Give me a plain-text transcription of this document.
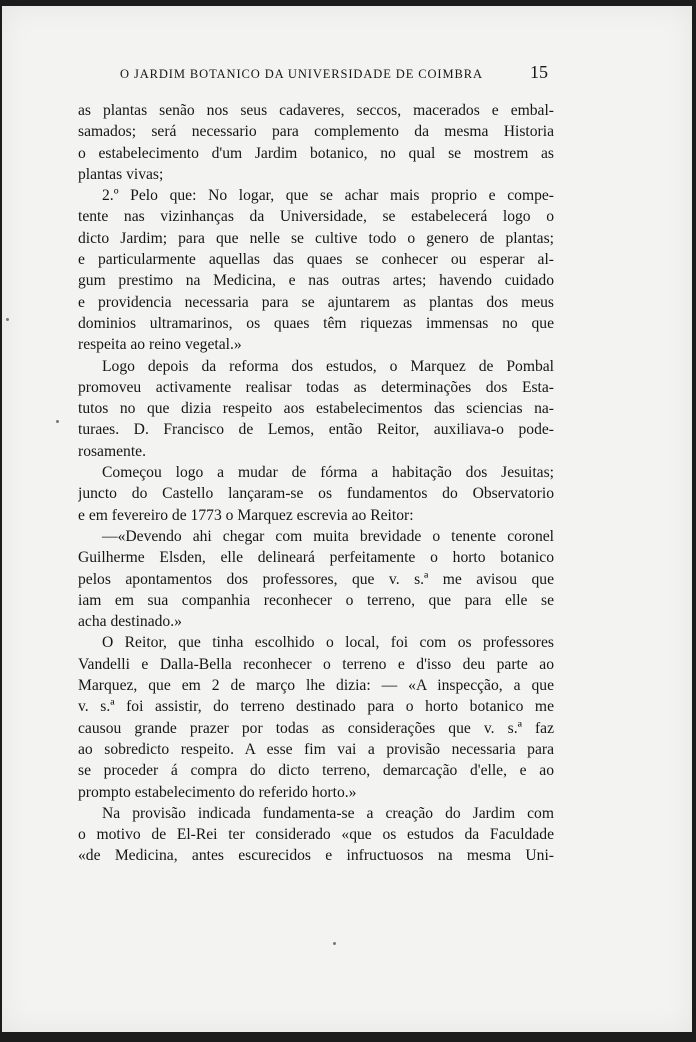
O JARDIM BOTANICO DA UNIVERSIDADE DE COIMBRA	15
as plantas senão nos seus cadaveres, seccos, macerados e embal-
samados; será necessario para complemento da mesma Historia
o estabelecimento d'um Jardim botanico, no qual se mostrem as
plantas vivas;
2.º Pelo que: No logar, que se achar mais proprio e compe-
tente nas vizinhanças da Universidade, se estabelecerá logo o
dicto Jardim; para que nelle se cultive todo o genero de plantas;
e particularmente aquellas das quaes se conhecer ou esperar al-
gum prestimo na Medicina, e nas outras artes; havendo cuidado
e providencia necessaria para se ajuntarem as plantas dos meus
dominios ultramarinos, os quaes têm riquezas immensas no que
respeita ao reino vegetal.»
Logo depois da reforma dos estudos, o Marquez de Pombal
promoveu activamente realisar todas as determinações dos Esta-
tutos no que dizia respeito aos estabelecimentos das sciencias na-
turaes. D. Francisco de Lemos, então Reitor, auxiliava-o pode-
rosamente.
Começou logo a mudar de fórma a habitação dos Jesuitas;
juncto do Castello lançaram-se os fundamentos do Observatorio
e em fevereiro de 1773 o Marquez escrevia ao Reitor:
—«Devendo ahi chegar com muita brevidade o tenente coronel
Guilherme Elsden, elle delineará perfeitamente o horto botanico
pelos apontamentos dos professores, que v. s.ª me avisou que
iam em sua companhia reconhecer o terreno, que para elle se
acha destinado.»
O Reitor, que tinha escolhido o local, foi com os professores
Vandelli e Dalla-Bella reconhecer o terreno e d'isso deu parte ao
Marquez, que em 2 de março lhe dizia: — «A inspecção, a que
v. s.ª foi assistir, do terreno destinado para o horto botanico me
causou grande prazer por todas as considerações que v. s.ª faz
ao sobredicto respeito. A esse fim vai a provisão necessaria para
se proceder á compra do dicto terreno, demarcação d'elle, e ao
prompto estabelecimento do referido horto.»
Na provisão indicada fundamenta-se a creação do Jardim com
o motivo de El-Rei ter considerado «que os estudos da Faculdade
«de Medicina, antes escurecidos e infructuosos na mesma Uni-
